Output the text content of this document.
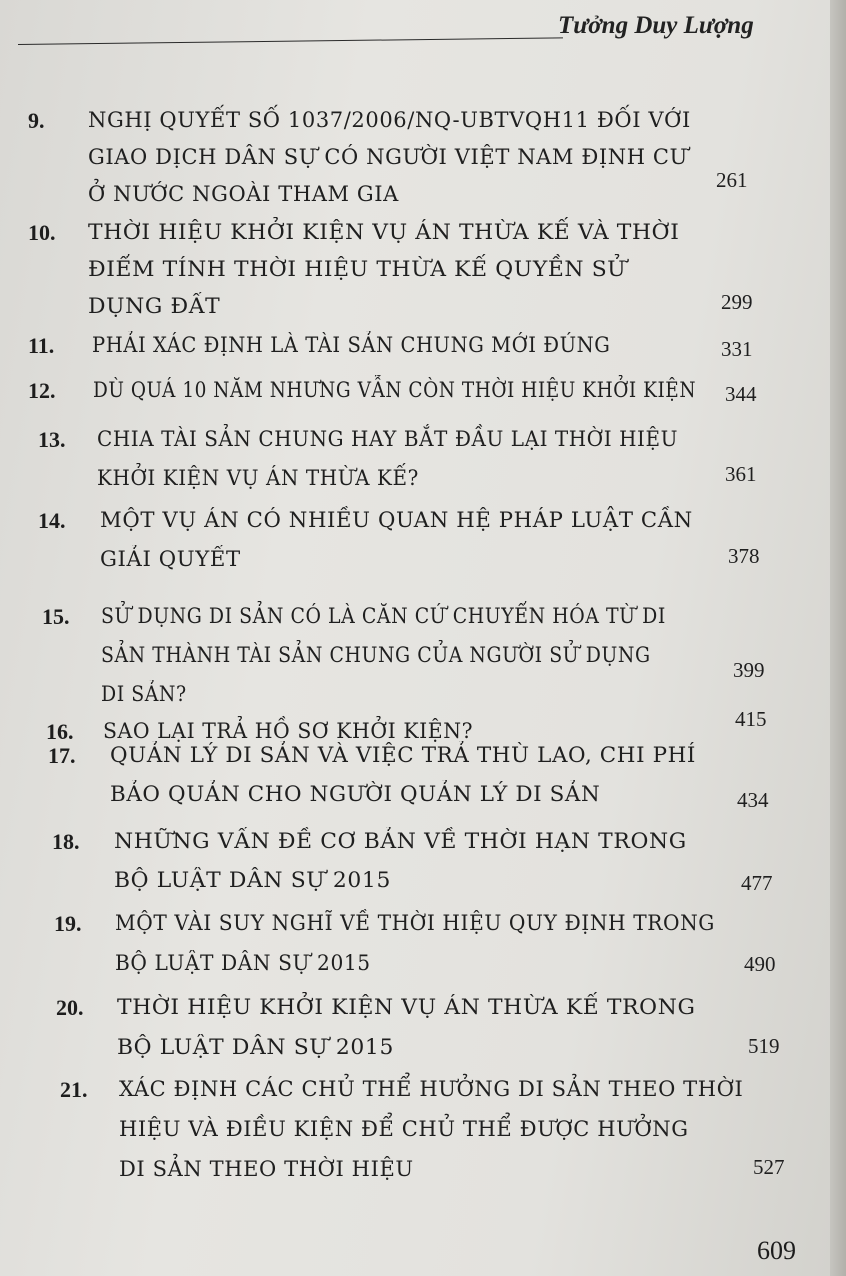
Tưởng Duy Lượng
9. NGHỊ QUYẾT SỐ 1037/2006/NQ-UBTVQH11 ĐỐI VỚI
GIAO DỊCH DÂN SỰ CÓ NGƯỜI VIỆT NAM ĐỊNH CƯ
Ở NƯỚC NGOÀI THAM GIA
261
10. THỜI HIỆU KHỞI KIỆN VỤ ÁN THỪA KẾ VÀ THỜI
ĐIỂM TÍNH THỜI HIỆU THỪA KẾ QUYỀN SỬ
DỤNG ĐẤT	299
11. PHẢI XÁC ĐỊNH LÀ TÀI SẢN CHUNG MỚI ĐÚNG	331
12. DÙ QUÁ 10 NĂM NHƯNG VẪN CÒN THỜI HIỆU KHỞI KIỆN 344
13. CHIA TÀI SẢN CHUNG HAY BẮT ĐẦU LẠI THỜI HIỆU
KHỞI KIỆN VỤ ÁN THỪA KẾ?	361
14. MỘT VỤ ÁN CÓ NHIỀU QUAN HỆ PHÁP LUẬT CẦN
GIẢI QUYẾT	378
15. SỬ DỤNG DI SẢN CÓ LÀ CĂN CỨ CHUYỂN HÓA TỪ DI
SẢN THÀNH TÀI SẢN CHUNG CỦA NGƯỜI SỬ DỤNG
DI SẢN?
399
16. SAO LẠI TRẢ HỒ SƠ KHỞI KIỆN?	415
17. QUẢN LÝ DI SẢN VÀ VIỆC TRẢ THÙ LAO, CHI PHÍ
BẢO QUẢN CHO NGƯỜI QUẢN LÝ DI SẢN	434
18. NHỮNG VẤN ĐỀ CƠ BẢN VỀ THỜI HẠN TRONG
BỘ LUẬT DÂN SỰ 2015	477
19. MỘT VÀI SUY NGHĨ VỀ THỜI HIỆU QUY ĐỊNH TRONG
BỘ LUẬT DÂN SỰ 2015	490
20. THỜI HIỆU KHỞI KIỆN VỤ ÁN THỪA KẾ TRONG
BỘ LUẬT DÂN SỰ 2015	519
21. XÁC ĐỊNH CÁC CHỦ THỂ HƯỞNG DI SẢN THEO THỜI
HIỆU VÀ ĐIỀU KIỆN ĐỂ CHỦ THỂ ĐƯỢC HƯỞNG
DI SẢN THEO THỜI HIỆU	527
609
